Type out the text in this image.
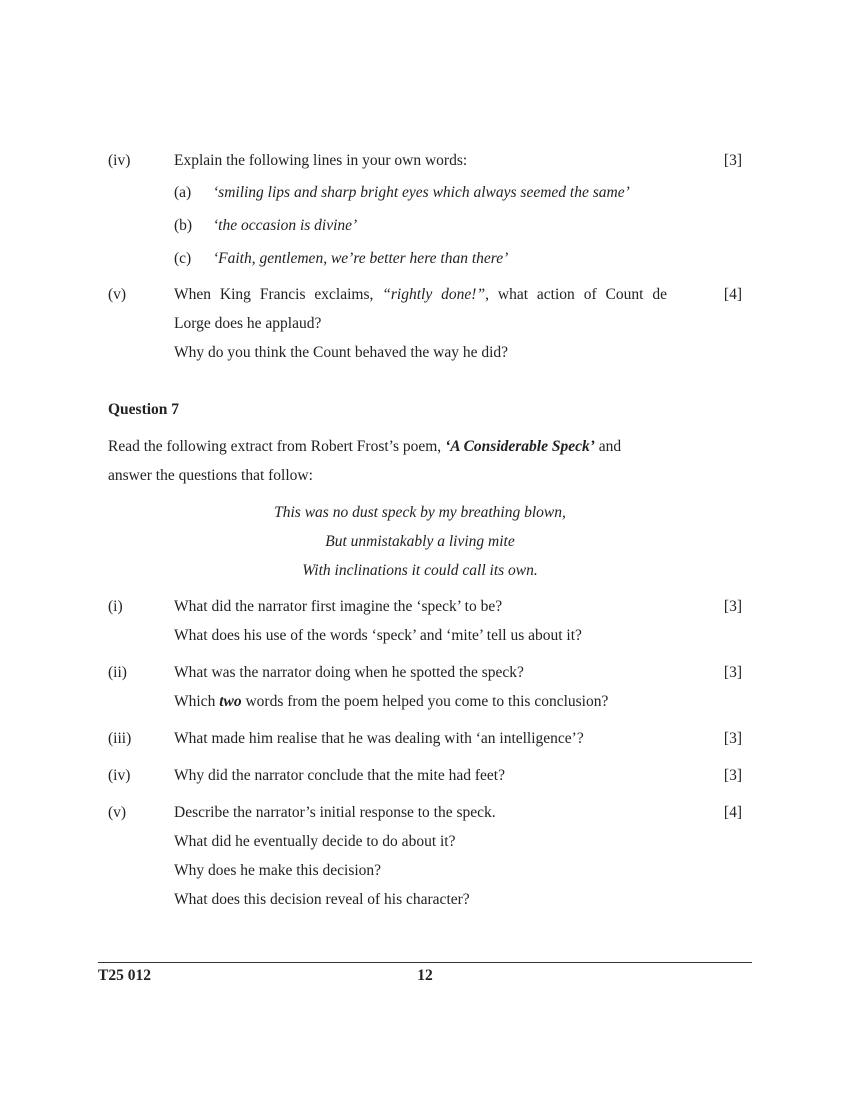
(iv)	Explain the following lines in your own words:	[3]
(a) ‘smiling lips and sharp bright eyes which always seemed the same’
(b) ‘the occasion is divine’
(c) ‘Faith, gentlemen, we’re better here than there’
(v)	When King Francis exclaims, “rightly done!”, what action of Count de	[4]
Lorge does he applaud?
Why do you think the Count behaved the way he did?
Question 7
Read the following extract from Robert Frost’s poem, ‘A Considerable Speck’ and
answer the questions that follow:
This was no dust speck by my breathing blown,
But unmistakably a living mite
With inclinations it could call its own.
(i)	What did the narrator first imagine the ‘speck’ to be?	[3]
What does his use of the words ‘speck’ and ‘mite’ tell us about it?
(ii)	What was the narrator doing when he spotted the speck?	[3]
Which two words from the poem helped you come to this conclusion?
(iii)	What made him realise that he was dealing with ‘an intelligence’?	[3]
(iv)	Why did the narrator conclude that the mite had feet?	[3]
(v)	Describe the narrator’s initial response to the speck.	[4]
What did he eventually decide to do about it?
Why does he make this decision?
What does this decision reveal of his character?
T25 012	12
